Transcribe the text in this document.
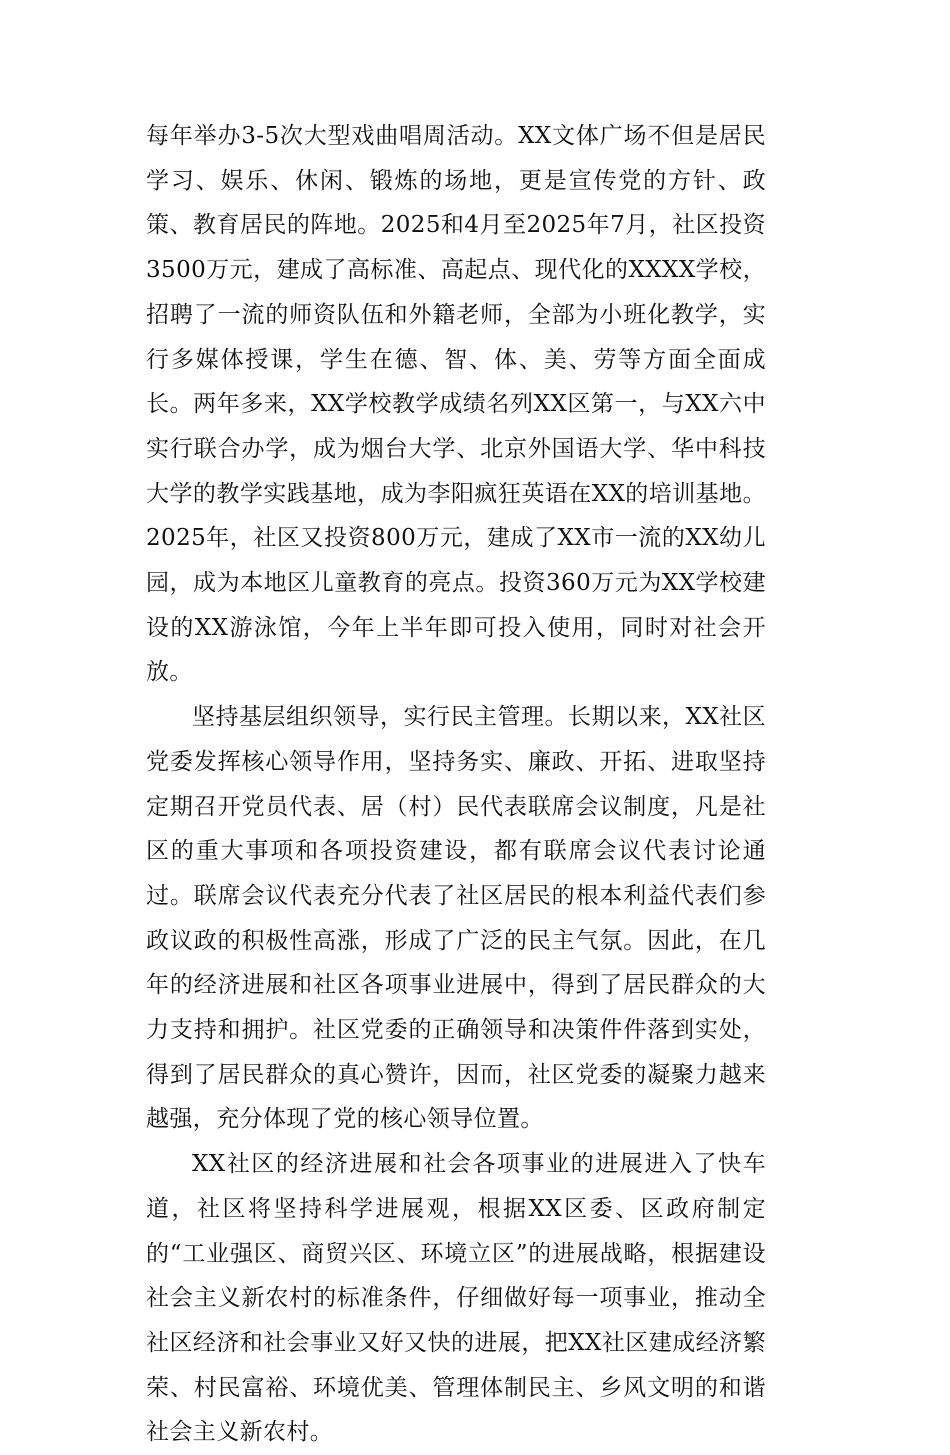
每年举办3-5次大型戏曲唱周活动。XX文体广场不但是居民学习、娱乐、休闲、锻炼的场地，更是宣传党的方针、政策、教育居民的阵地。2025和4月至2025年7月，社区投资3500万元，建成了高标准、高起点、现代化的XXXX学校，招聘了一流的师资队伍和外籍老师，全部为小班化教学，实行多媒体授课，学生在德、智、体、美、劳等方面全面成长。两年多来，XX学校教学成绩名列XX区第一，与XX六中实行联合办学，成为烟台大学、北京外国语大学、华中科技大学的教学实践基地，成为李阳疯狂英语在XX的培训基地。2025年，社区又投资800万元，建成了XX市一流的XX幼儿园，成为本地区儿童教育的亮点。投资360万元为XX学校建设的XX游泳馆，今年上半年即可投入使用，同时对社会开放。

坚持基层组织领导，实行民主管理。长期以来，XX社区党委发挥核心领导作用，坚持务实、廉政、开拓、进取坚持定期召开党员代表、居（村）民代表联席会议制度，凡是社区的重大事项和各项投资建设，都有联席会议代表讨论通过。联席会议代表充分代表了社区居民的根本利益代表们参政议政的积极性高涨，形成了广泛的民主气氛。因此，在几年的经济进展和社区各项事业进展中，得到了居民群众的大力支持和拥护。社区党委的正确领导和决策件件落到实处，得到了居民群众的真心赞许，因而，社区党委的凝聚力越来越强，充分体现了党的核心领导位置。

XX社区的经济进展和社会各项事业的进展进入了快车道，社区将坚持科学进展观，根据XX区委、区政府制定的“工业强区、商贸兴区、环境立区”的进展战略，根据建设社会主义新农村的标准条件，仔细做好每一项事业，推动全社区经济和社会事业又好又快的进展，把XX社区建成经济繁荣、村民富裕、环境优美、管理体制民主、乡风文明的和谐社会主义新农村。
